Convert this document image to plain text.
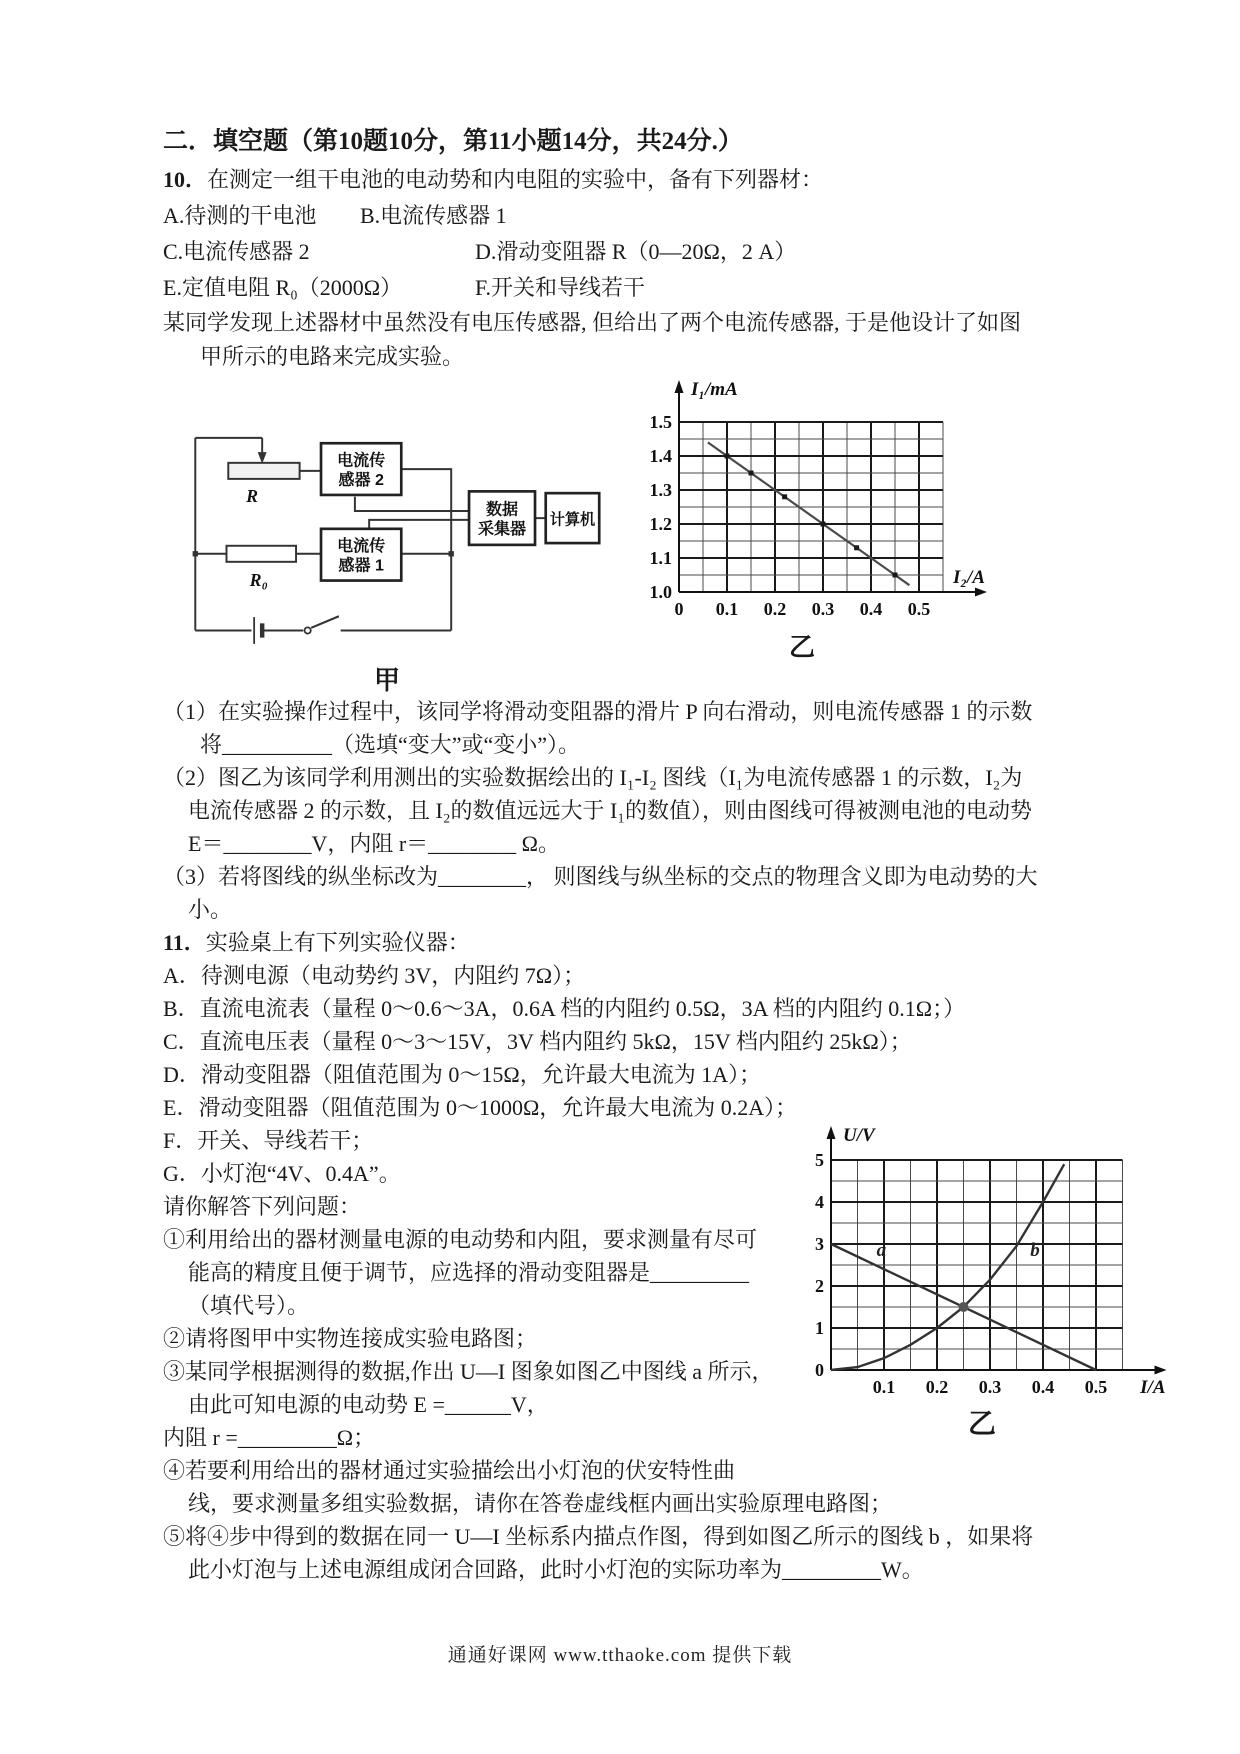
二．填空题（第10题10分，第11小题14分，共24分.）
10．在测定一组干电池的电动势和内电阻的实验中，备有下列器材：
A.待测的干电池	B.电流传感器 1
C.电流传感器 2	D.滑动变阻器 R（0—20Ω，2 A）
E.定值电阻 R₀（2000Ω）	F.开关和导线若干
某同学发现上述器材中虽然没有电压传感器, 但给出了两个电流传感器, 于是他设计了如图
甲所示的电路来完成实验。
R
R₀
电流传
感器 2
电流传
感器 1
数据
采集器
计算机
甲
0 0.1 0.2 0.3 0.4 0.5
1.0
1.1
1.2
1.3
1.4
1.5
I₁/mA
I₂/A
乙
（1）在实验操作过程中，该同学将滑动变阻器的滑片 P 向右滑动，则电流传感器 1 的示数
将__________（选填“变大”或“变小”）。
（2）图乙为该同学利用测出的实验数据绘出的 I₁-I₂ 图线（I₁为电流传感器 1 的示数，I₂为
电流传感器 2 的示数，且 I₂的数值远远大于 I₁的数值），则由图线可得被测电池的电动势
E＝________V，内阻 r＝________ Ω。
（3）若将图线的纵坐标改为________， 则图线与纵坐标的交点的物理含义即为电动势的大
小。
11．实验桌上有下列实验仪器：
A．待测电源（电动势约 3V，内阻约 7Ω）；
B．直流电流表（量程 0～0.6～3A，0.6A 档的内阻约 0.5Ω，3A 档的内阻约 0.1Ω；）
C．直流电压表（量程 0～3～15V，3V 档内阻约 5kΩ，15V 档内阻约 25kΩ）；
D．滑动变阻器（阻值范围为 0～15Ω，允许最大电流为 1A）；
E．滑动变阻器（阻值范围为 0～1000Ω，允许最大电流为 0.2A）；
0.1 0.2 0.3 0.4 0.5
0
1
2
3
4
5
U/V
I/A
a	b
乙
F．开关、导线若干；
G．小灯泡“4V、0.4A”。
请你解答下列问题：
①利用给出的器材测量电源的电动势和内阻，要求测量有尽可
能高的精度且便于调节，应选择的滑动变阻器是_________
（填代号）。
②请将图甲中实物连接成实验电路图；
③某同学根据测得的数据,作出 U—I 图象如图乙中图线 a 所示，
由此可知电源的电动势 E =______V，
内阻 r =_________Ω；
④若要利用给出的器材通过实验描绘出小灯泡的伏安特性曲
线，要求测量多组实验数据，请你在答卷虚线框内画出实验原理电路图；
⑤将④步中得到的数据在同一 U—I 坐标系内描点作图，得到如图乙所示的图线 b ，如果将
此小灯泡与上述电源组成闭合回路，此时小灯泡的实际功率为_________W。
通通好课网 www.tthaoke.com 提供下载
